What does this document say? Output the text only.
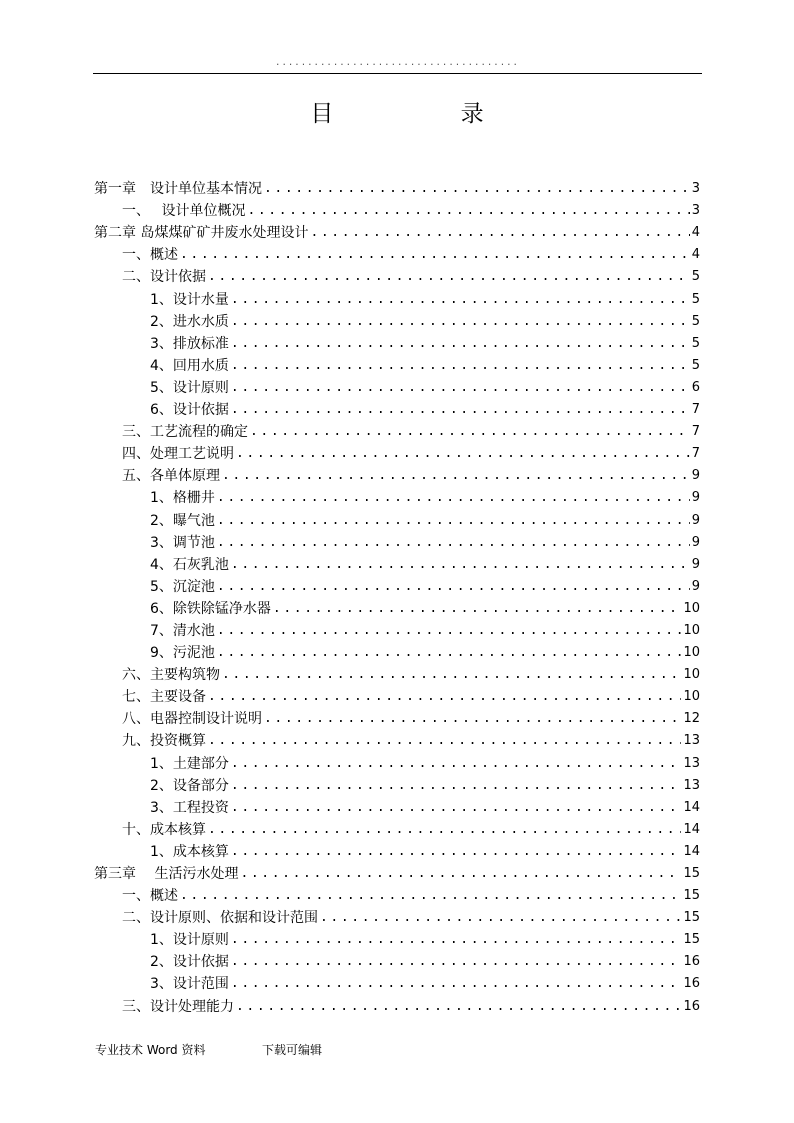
......................................
目 录
第一章　设计单位基本情况 .....	3
一、　 设计单位概况 .....	3
第二章 岛煤煤矿矿井废水处理设计 .....	4
一、概述 .....	4
二、设计依据 .....	5
1、设计水量 .....	5
2、进水水质 .....	5
3、排放标准 .....	5
4、回用水质 .....	5
5、设计原则 .....	6
6、设计依据 .....	7
三、工艺流程的确定 .....	7
四、处理工艺说明 .....	7
五、各单体原理 .....	9
1、格栅井 .....	9
2、曝气池 .....	9
3、调节池 .....	9
4、石灰乳池 .....	9
5、沉淀池 .....	9
6、除铁除锰净水器 .....	10
7、清水池 .....	10
9、污泥池 .....	10
六、主要构筑物 .....	10
七、主要设备 .....	10
八、电器控制设计说明 .....	12
九、投资概算 .....	13
1、土建部分 .....	13
2、设备部分 .....	13
3、工程投资 .....	14
十、成本核算 .....	14
1、成本核算 .....	14
第三章　 生活污水处理 .....	15
一、概述 .....	15
二、设计原则、依据和设计范围 .....	15
1、设计原则 .....	15
2、设计依据 .....	16
3、设计范围 .....	16
三、设计处理能力 .....	16
专业技术 Word 资料	下载可编辑
